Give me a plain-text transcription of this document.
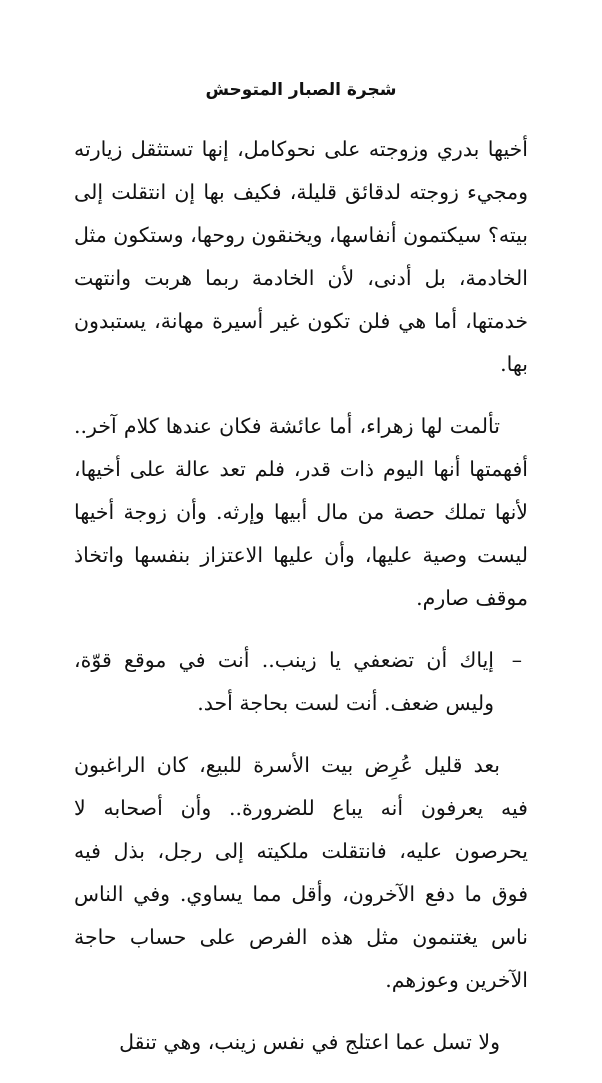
شجرة الصبار المتوحش

أخيها بدري وزوجته على نحوكامل، إنها تستثقل زيارته ومجيء زوجته لدقائق قليلة، فكيف بها إن انتقلت إلى بيته؟ سيكتمون أنفاسها، ويخنقون روحها، وستكون مثل الخادمة، بل أدنى، لأن الخادمة ربما هربت وانتهت خدمتها، أما هي فلن تكون غير أسيرة مهانة، يستبدون بها.

تألمت لها زهراء، أما عائشة فكان عندها كلام آخر.. أفهمتها أنها اليوم ذات قدر، فلم تعد عالة على أخيها، لأنها تملك حصة من مال أبيها وإرثه. وأن زوجة أخيها ليست وصية عليها، وأن عليها الاعتزاز بنفسها واتخاذ موقف صارم.

–
إياك أن تضعفي يا زينب.. أنت في موقع قوّة، وليس ضعف. أنت لست بحاجة أحد.

بعد قليل عُرِض بيت الأسرة للبيع، كان الراغبون فيه يعرفون أنه يباع للضرورة.. وأن أصحابه لا يحرصون عليه، فانتقلت ملكيته إلى رجل، بذل فيه فوق ما دفع الآخرون، وأقل مما يساوي. وفي الناس ناس يغتنمون مثل هذه الفرص على حساب حاجة الآخرين وعوزهم.

ولا تسل عما اعتلج في نفس زينب، وهي تنقل
